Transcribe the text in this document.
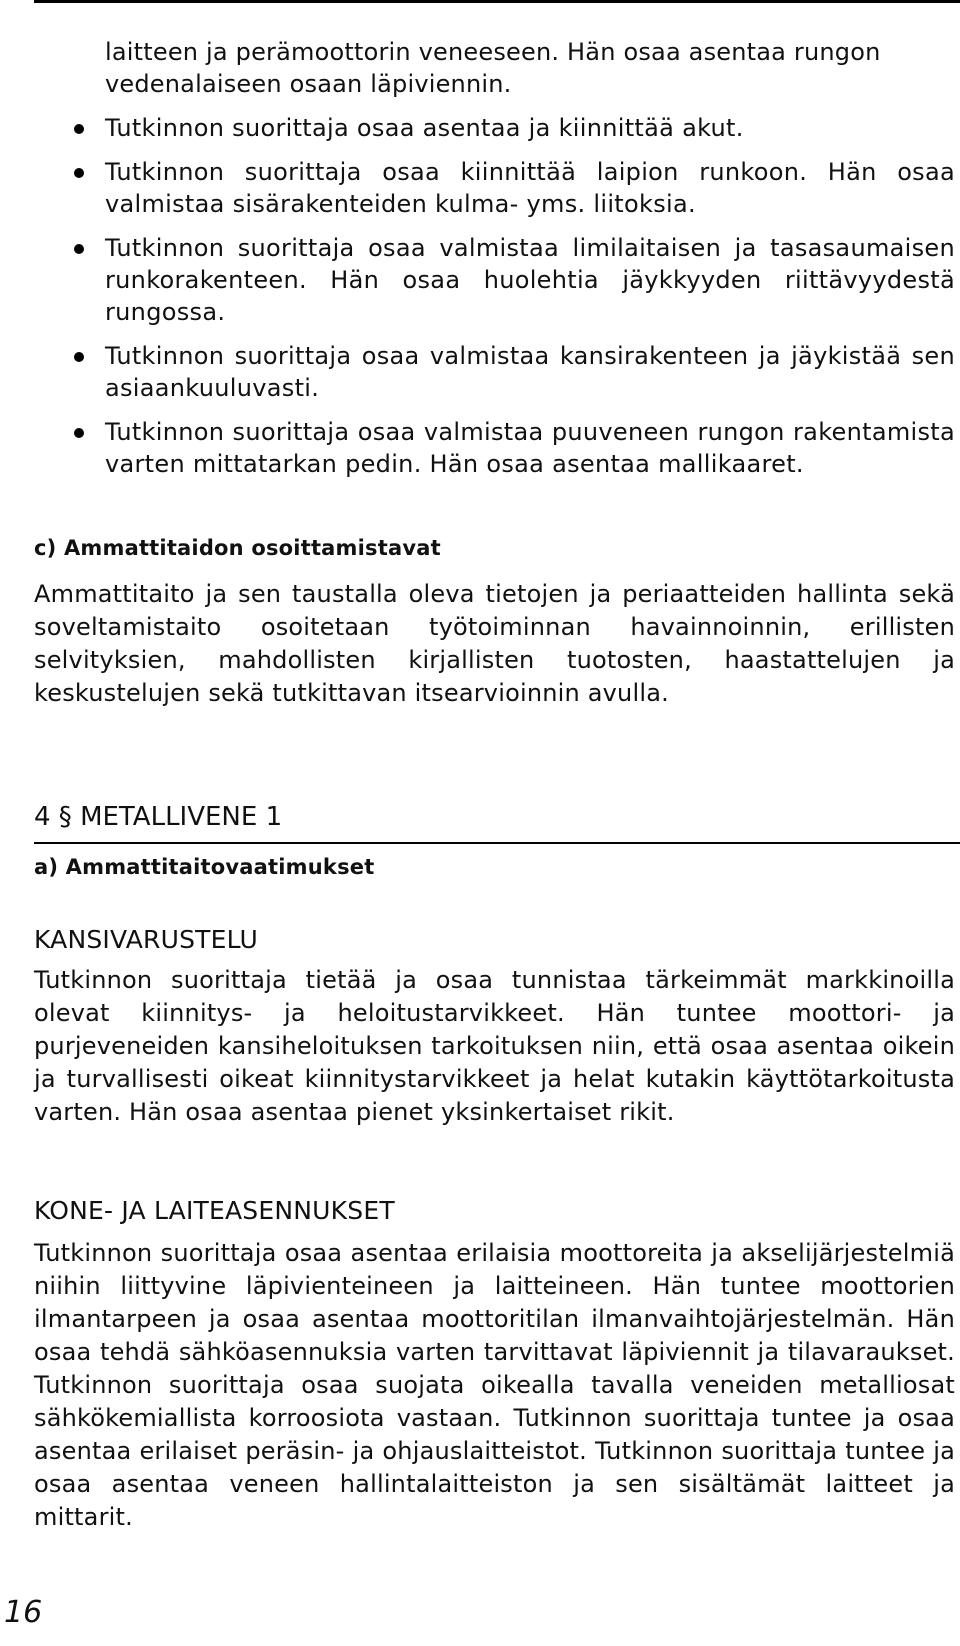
laitteen ja perämoottorin veneeseen. Hän osaa asentaa rungon vedenalaiseen osaan läpiviennin.
Tutkinnon suorittaja osaa asentaa ja kiinnittää akut.
Tutkinnon suorittaja osaa kiinnittää laipion runkoon. Hän osaa valmistaa sisärakenteiden kulma- yms. liitoksia.
Tutkinnon suorittaja osaa valmistaa limilaitaisen ja tasasaumaisen runkorakenteen. Hän osaa huolehtia jäykkyyden riittävyydestä rungossa.
Tutkinnon suorittaja osaa valmistaa kansirakenteen ja jäykistää sen asiaankuuluvasti.
Tutkinnon suorittaja osaa valmistaa puuveneen rungon rakentamista varten mittatarkan pedin. Hän osaa asentaa mallikaaret.
c) Ammattitaidon osoittamistavat
Ammattitaito ja sen taustalla oleva tietojen ja periaatteiden hallinta sekä soveltamistaito osoitetaan työtoiminnan havainnoinnin, erillisten selvityksien, mahdollisten kirjallisten tuotosten, haastattelujen ja keskustelujen sekä tutkittavan itsearvioinnin avulla.
4 § METALLIVENE 1
a) Ammattitaitovaatimukset
KANSIVARUSTELU
Tutkinnon suorittaja tietää ja osaa tunnistaa tärkeimmät markkinoilla olevat kiinnitys- ja heloitustarvikkeet. Hän tuntee moottori- ja purjeveneiden kansiheloituksen tarkoituksen niin, että osaa asentaa oikein ja turvallisesti oikeat kiinnitystarvikkeet ja helat kutakin käyttötarkoitusta varten. Hän osaa asentaa pienet yksinkertaiset rikit.
KONE- JA LAITEASENNUKSET
Tutkinnon suorittaja osaa asentaa erilaisia moottoreita ja akselijärjestelmiä niihin liittyvine läpivienteineen ja laitteineen. Hän tuntee moottorien ilmantarpeen ja osaa asentaa moottoritilan ilmanvaihtojärjestelmän. Hän osaa tehdä sähköasennuksia varten tarvittavat läpiviennit ja tilavaraukset. Tutkinnon suorittaja osaa suojata oikealla tavalla veneiden metalliosat sähkökemiallista korroosiota vastaan. Tutkinnon suorittaja tuntee ja osaa asentaa erilaiset peräsin- ja ohjauslaitteistot. Tutkinnon suorittaja tuntee ja osaa asentaa veneen hallintalaitteiston ja sen sisältämät laitteet ja mittarit.
16
